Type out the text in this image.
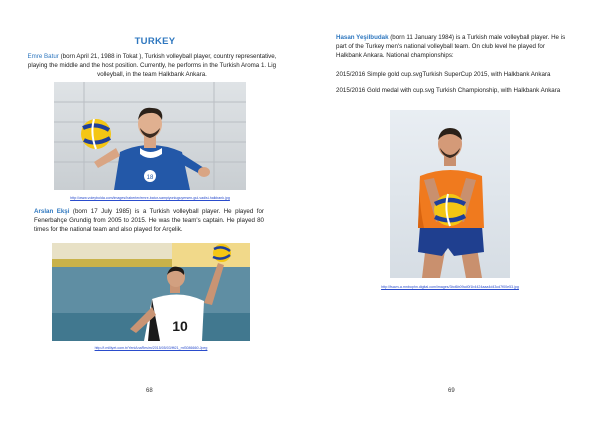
TURKEY
Emre Batur (born April 21, 1988 in Tokat ), Turkish volleyball player, country representative, playing the middle and the host position. Currently, he performs in the Turkish Aroma 1. Lig volleyball, in the team Halkbank Ankara.
18
http://www.voleybolda.com/images/haberler/emre-batur-sampiyonluguyersen-gul-vadisi-halkbank.jpg
Arslan Ekşi (born 17 July 1985) is a Turkish volleyball player. He played for Fenerbahçe Grundig from 2005 to 2015. He was the team's captain. He played 80 times for the national team and also played for Arçelik.
10
http://i.milliyet.com.tr/YeniAnaResim/2015/05/03/fft21_mf3086660.Jpeg
68
Hasan Yeşilbudak (born 11 January 1984) is a Turkish male volleyball player. He is part of the Turkey men's national volleyball team. On club level he played for Halkbank Ankara. National championships:
2015/2016 Simple gold cup.svgTurkish SuperCup 2015, with Halkbank Ankara
2015/2016 Gold medal with cup.svg Turkish Championship, with Halkbank Ankara
http://fsavn-a.mnbophn.digital.com/images/3bd6b09cd0f1b4424aaa4d43cd7f00e53.jpg
69
